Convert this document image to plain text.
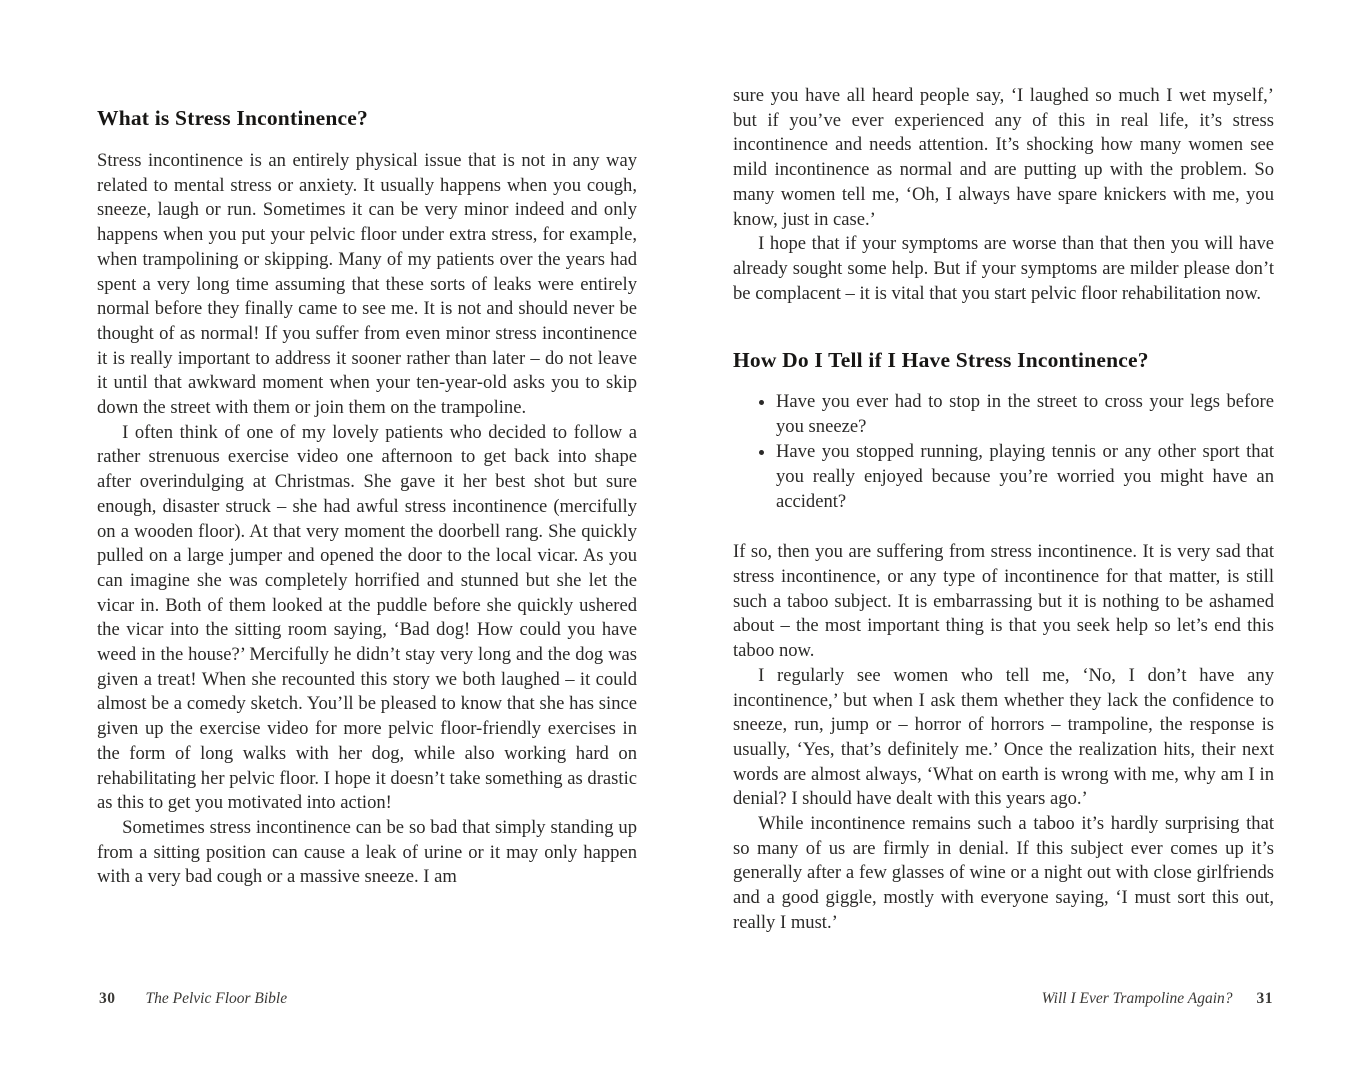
What is Stress Incontinence?

Stress incontinence is an entirely physical issue that is not in any way related to mental stress or anxiety. It usually happens when you cough, sneeze, laugh or run. Sometimes it can be very minor indeed and only happens when you put your pelvic floor under extra stress, for example, when trampolining or skipping. Many of my patients over the years had spent a very long time assuming that these sorts of leaks were entirely normal before they finally came to see me. It is not and should never be thought of as normal! If you suffer from even minor stress incontinence it is really important to address it sooner rather than later – do not leave it until that awkward moment when your ten-year-old asks you to skip down the street with them or join them on the trampoline.

I often think of one of my lovely patients who decided to follow a rather strenuous exercise video one afternoon to get back into shape after overindulging at Christmas. She gave it her best shot but sure enough, disaster struck – she had awful stress incontinence (mercifully on a wooden floor). At that very moment the doorbell rang. She quickly pulled on a large jumper and opened the door to the local vicar. As you can imagine she was completely horrified and stunned but she let the vicar in. Both of them looked at the puddle before she quickly ushered the vicar into the sitting room saying, ‘Bad dog! How could you have weed in the house?’ Mercifully he didn’t stay very long and the dog was given a treat! When she recounted this story we both laughed – it could almost be a comedy sketch. You’ll be pleased to know that she has since given up the exercise video for more pelvic floor-friendly exercises in the form of long walks with her dog, while also working hard on rehabilitating her pelvic floor. I hope it doesn’t take something as drastic as this to get you motivated into action!

Sometimes stress incontinence can be so bad that simply standing up from a sitting position can cause a leak of urine or it may only happen with a very bad cough or a massive sneeze. I am

sure you have all heard people say, ‘I laughed so much I wet myself,’ but if you’ve ever experienced any of this in real life, it’s stress incontinence and needs attention. It’s shocking how many women see mild incontinence as normal and are putting up with the problem. So many women tell me, ‘Oh, I always have spare knickers with me, you know, just in case.’

I hope that if your symptoms are worse than that then you will have already sought some help. But if your symptoms are milder please don’t be complacent – it is vital that you start pelvic floor rehabilitation now.

How Do I Tell if I Have Stress Incontinence?
• Have you ever had to stop in the street to cross your legs before you sneeze?
• Have you stopped running, playing tennis or any other sport that you really enjoyed because you’re worried you might have an accident?

If so, then you are suffering from stress incontinence. It is very sad that stress incontinence, or any type of incontinence for that matter, is still such a taboo subject. It is embarrassing but it is nothing to be ashamed about – the most important thing is that you seek help so let’s end this taboo now.

I regularly see women who tell me, ‘No, I don’t have any incontinence,’ but when I ask them whether they lack the confidence to sneeze, run, jump or – horror of horrors – trampoline, the response is usually, ‘Yes, that’s definitely me.’ Once the realization hits, their next words are almost always, ‘What on earth is wrong with me, why am I in denial? I should have dealt with this years ago.’

While incontinence remains such a taboo it’s hardly surprising that so many of us are firmly in denial. If this subject ever comes up it’s generally after a few glasses of wine or a night out with close girlfriends and a good giggle, mostly with everyone saying, ‘I must sort this out, really I must.’

30 The Pelvic Floor Bible	Will I Ever Trampoline Again? 31
